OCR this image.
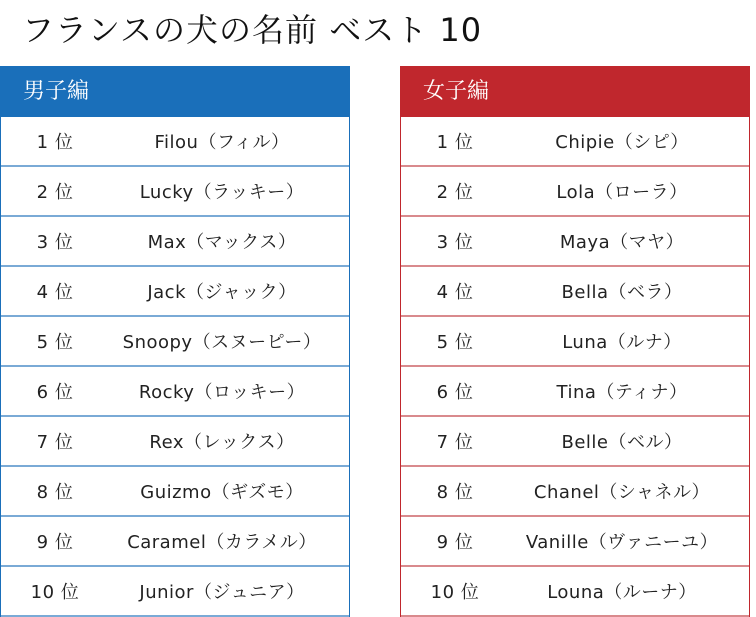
フランスの犬の名前 ベスト 10
男子編
1 位	Filou（フィル）
2 位	Lucky（ラッキー）
3 位	Max（マックス）
4 位	Jack（ジャック）
5 位	Snoopy（スヌーピー）
6 位	Rocky（ロッキー）
7 位	Rex（レックス）
8 位	Guizmo（ギズモ）
9 位	Caramel（カラメル）
10 位	Junior（ジュニア）
女子編
1 位	Chipie（シピ）
2 位	Lola（ローラ）
3 位	Maya（マヤ）
4 位	Bella（ベラ）
5 位	Luna（ルナ）
6 位	Tina（ティナ）
7 位	Belle（ベル）
8 位	Chanel（シャネル）
9 位	Vanille（ヴァニーユ）
10 位	Louna（ルーナ）
